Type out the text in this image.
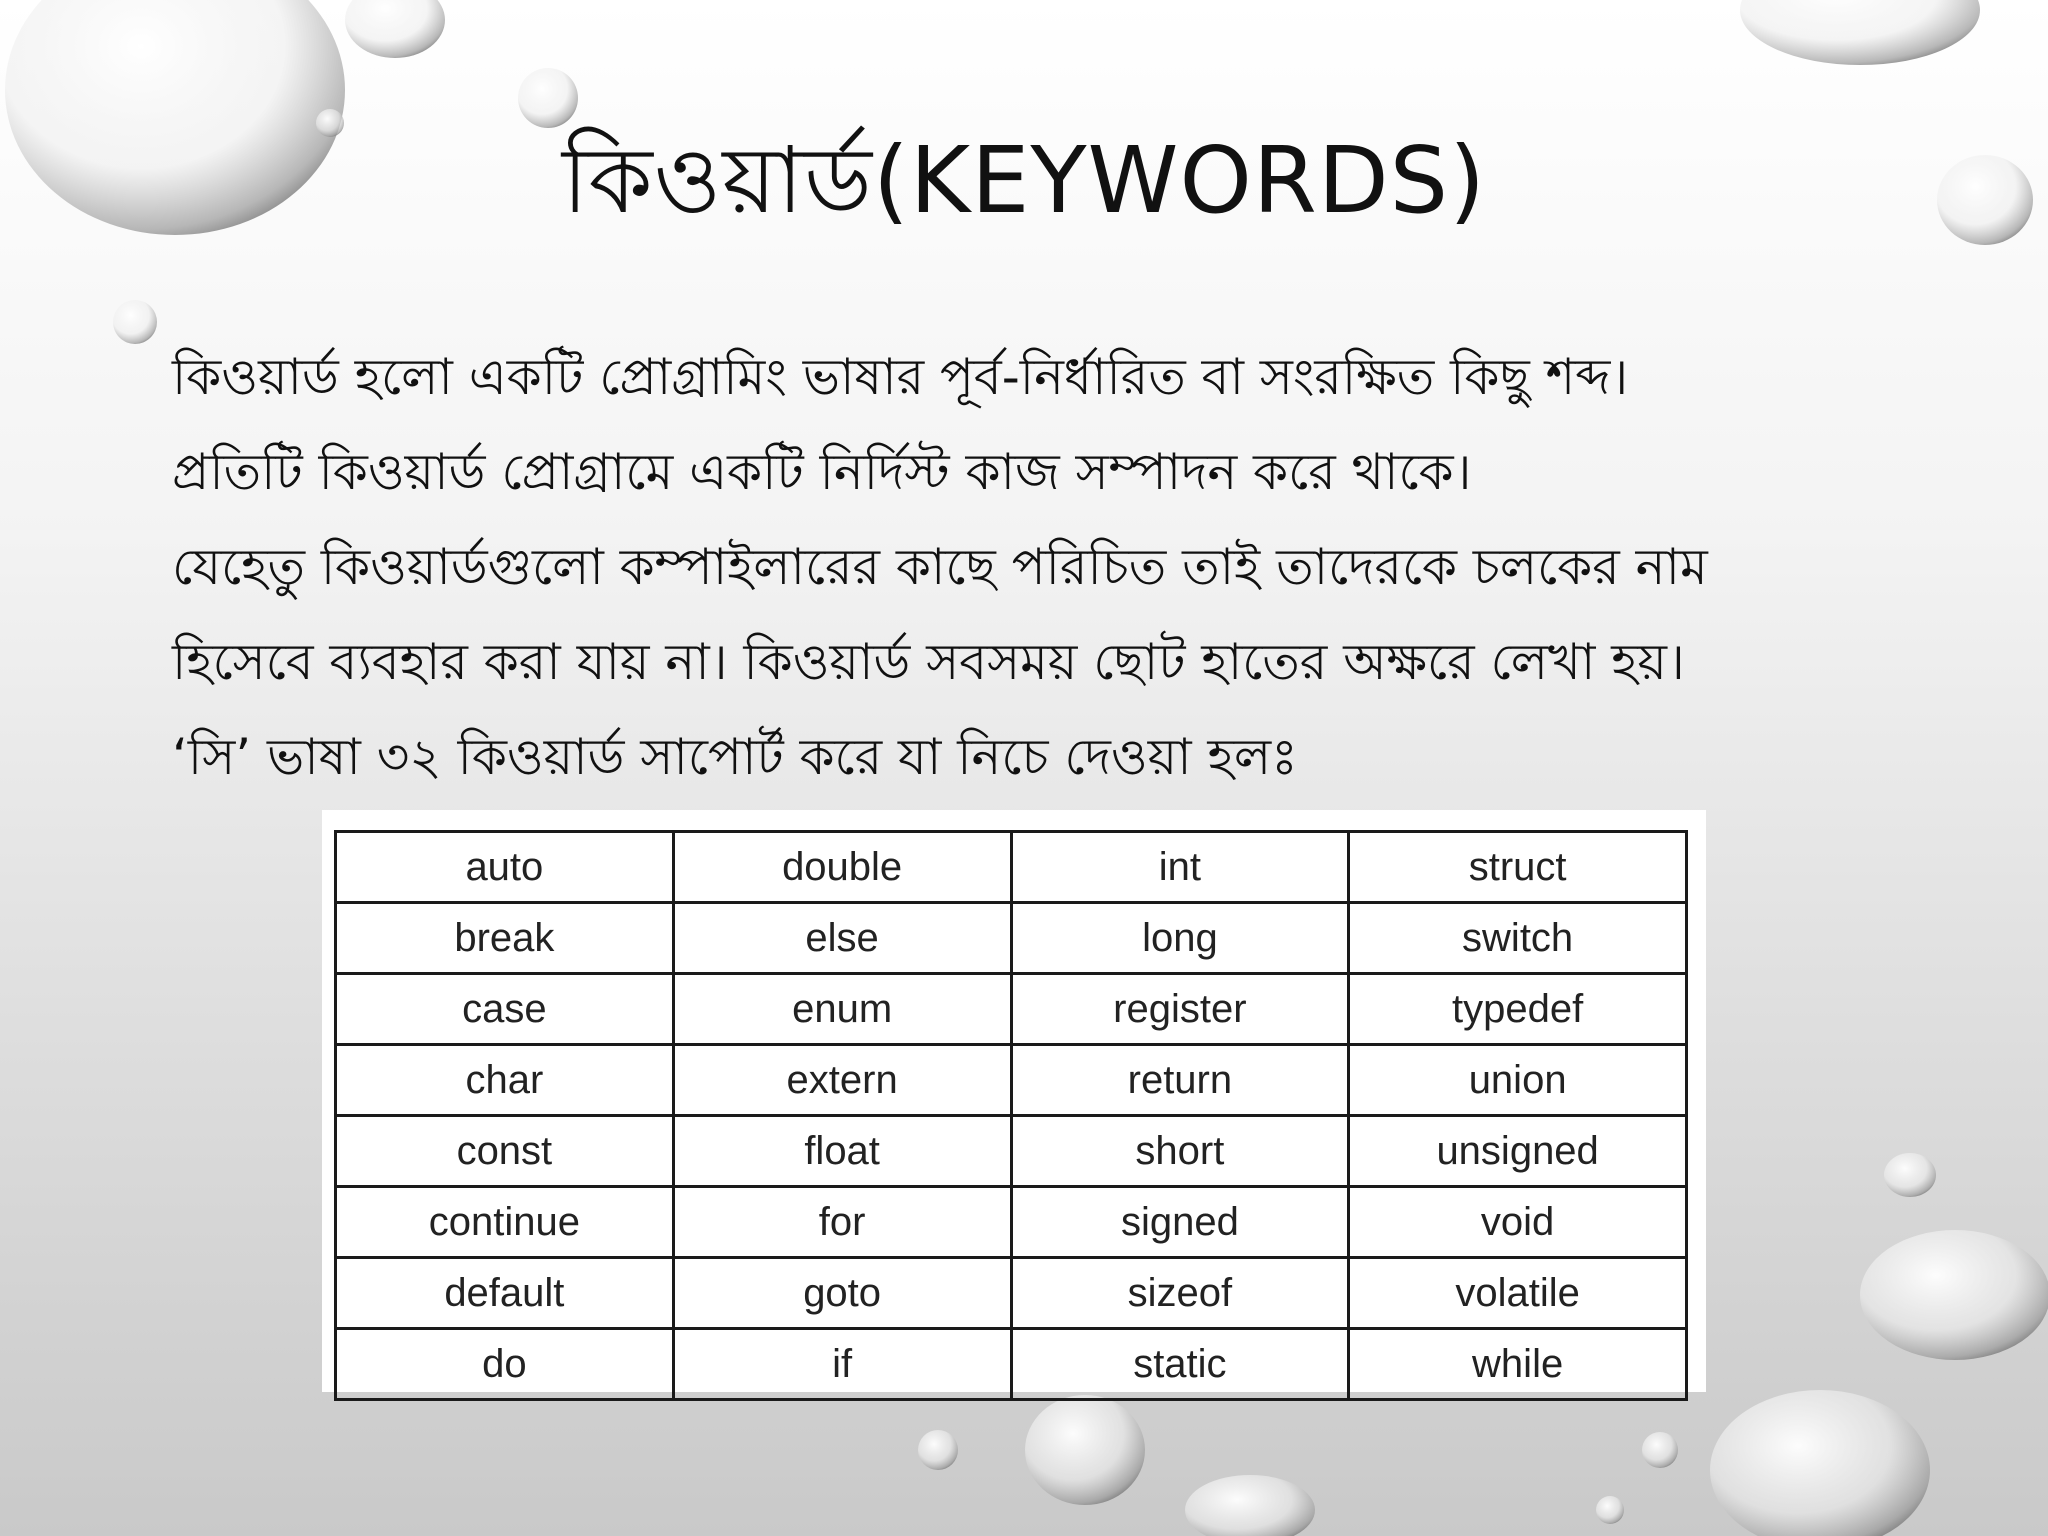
কিওয়ার্ড(KEYWORDS)
কিওয়ার্ড হলো একটি প্রোগ্রামিং ভাষার পূর্ব-নির্ধারিত বা সংরক্ষিত কিছু শব্দ।
প্রতিটি কিওয়ার্ড প্রোগ্রামে একটি নির্দিস্ট কাজ সম্পাদন করে থাকে।
যেহেতু কিওয়ার্ডগুলো কম্পাইলারের কাছে পরিচিত তাই তাদেরকে চলকের নাম
হিসেবে ব্যবহার করা যায় না। কিওয়ার্ড সবসময় ছোট হাতের অক্ষরে লেখা হয়।
‘সি’ ভাষা ৩২ কিওয়ার্ড সাপোর্ট করে যা নিচে দেওয়া হলঃ
auto	double	int	struct
break	else	long	switch
case	enum	register	typedef
char	extern	return	union
const	float	short	unsigned
continue	for	signed	void
default	goto	sizeof	volatile
do	if	static	while
